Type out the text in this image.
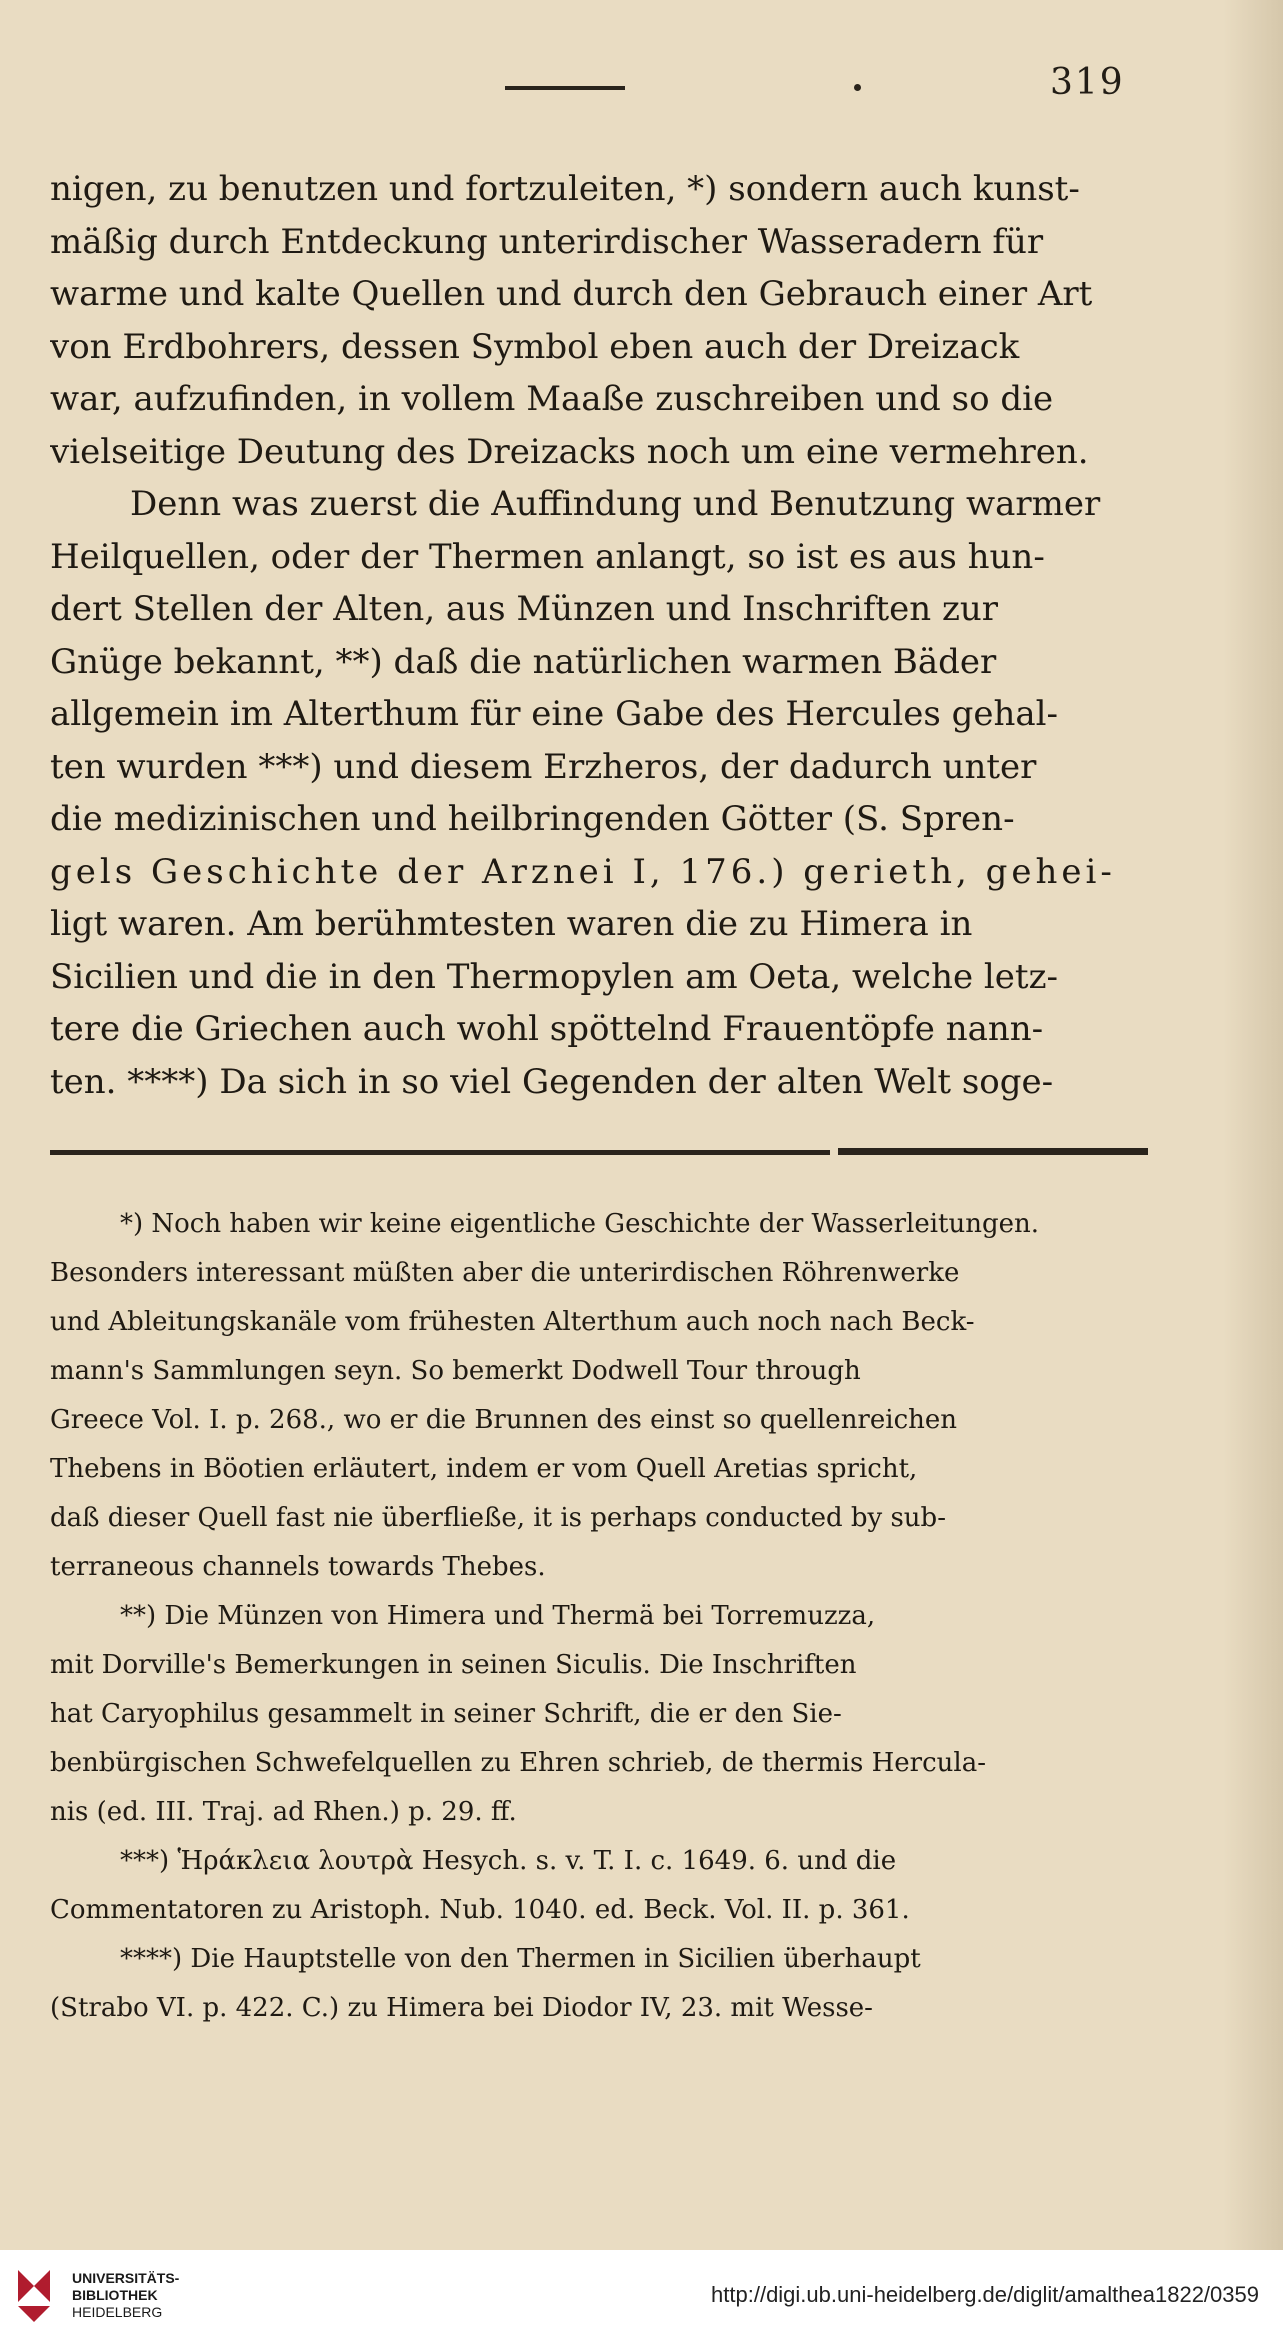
319
nigen, zu benutzen und fortzuleiten, *) sondern auch kunst-
mäßig durch Entdeckung unterirdischer Wasseradern für
warme und kalte Quellen und durch den Gebrauch einer Art
von Erdbohrers, dessen Symbol eben auch der Dreizack
war, aufzufinden, in vollem Maaße zuschreiben und so die
vielseitige Deutung des Dreizacks noch um eine vermehren.
Denn was zuerst die Auffindung und Benutzung warmer
Heilquellen, oder der Thermen anlangt, so ist es aus hun-
dert Stellen der Alten, aus Münzen und Inschriften zur
Gnüge bekannt, **) daß die natürlichen warmen Bäder
allgemein im Alterthum für eine Gabe des Hercules gehal-
ten wurden ***) und diesem Erzheros, der dadurch unter
die medizinischen und heilbringenden Götter (S. Spren-
gels Geschichte der Arznei I, 176.) gerieth, gehei-
ligt waren. Am berühmtesten waren die zu Himera in
Sicilien und die in den Thermopylen am Oeta, welche letz-
tere die Griechen auch wohl spöttelnd Frauentöpfe nann-
ten. ****) Da sich in so viel Gegenden der alten Welt soge-
*) Noch haben wir keine eigentliche Geschichte der Wasserleitungen.
Besonders interessant müßten aber die unterirdischen Röhrenwerke
und Ableitungskanäle vom frühesten Alterthum auch noch nach Beck-
mann's Sammlungen seyn. So bemerkt Dodwell Tour through
Greece Vol. I. p. 268., wo er die Brunnen des einst so quellenreichen
Thebens in Böotien erläutert, indem er vom Quell Aretias spricht,
daß dieser Quell fast nie überfließe, it is perhaps conducted by sub-
terraneous channels towards Thebes.
**) Die Münzen von Himera und Thermä bei Torremuzza,
mit Dorville's Bemerkungen in seinen Siculis. Die Inschriften
hat Caryophilus gesammelt in seiner Schrift, die er den Sie-
benbürgischen Schwefelquellen zu Ehren schrieb, de thermis Hercula-
nis (ed. III. Traj. ad Rhen.) p. 29. ff.
***) Ἡράκλεια λουτρὰ Hesych. s. v. T. I. c. 1649. 6. und die
Commentatoren zu Aristoph. Nub. 1040. ed. Beck. Vol. II. p. 361.
****) Die Hauptstelle von den Thermen in Sicilien überhaupt
(Strabo VI. p. 422. C.) zu Himera bei Diodor IV, 23. mit Wesse-
UNIVERSITÄTS-
BIBLIOTHEK
HEIDELBERG
http://digi.ub.uni-heidelberg.de/diglit/amalthea1822/0359
